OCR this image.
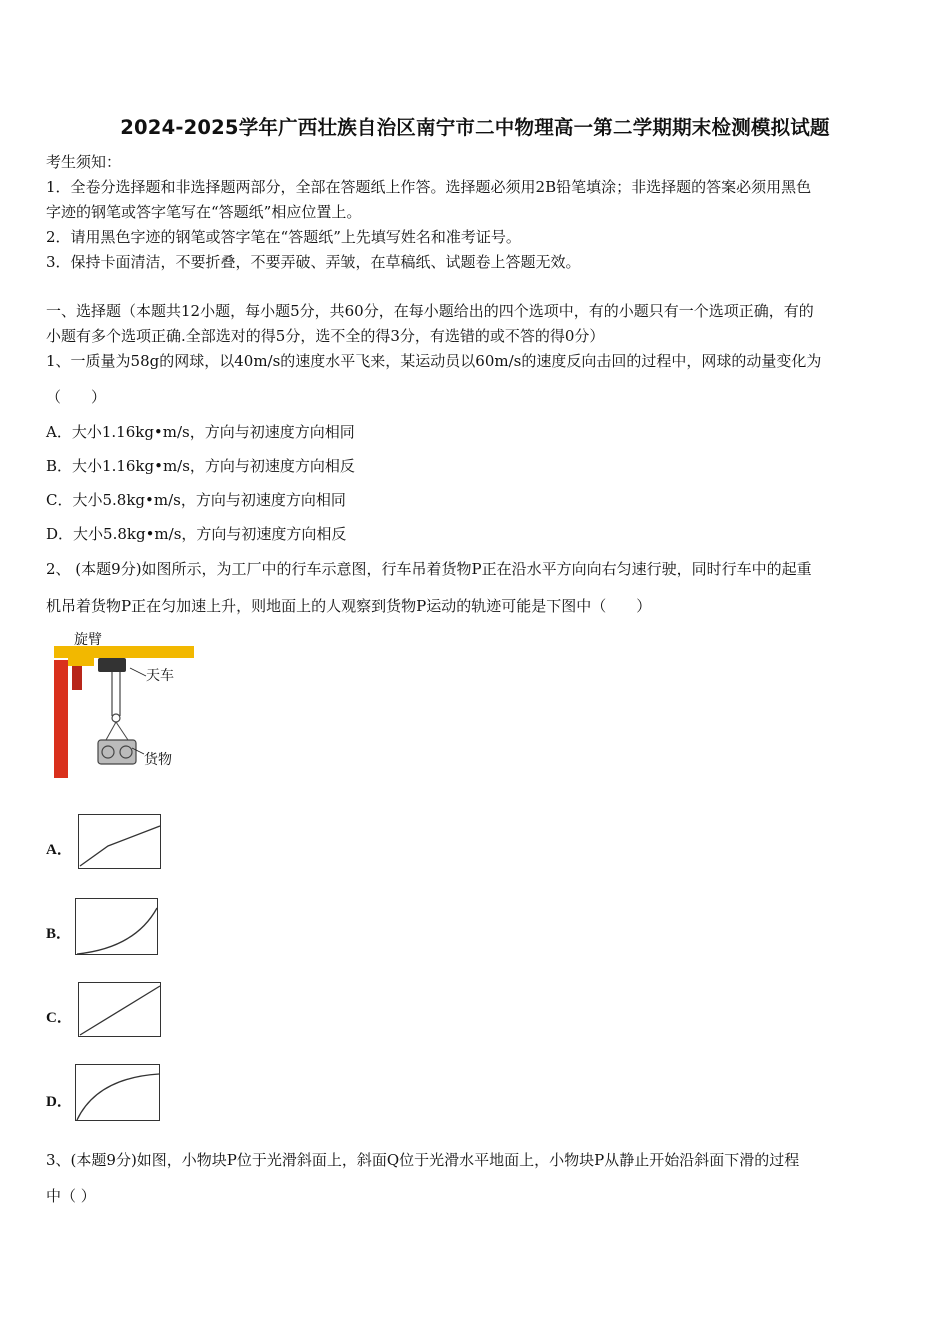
2024-2025学年广西壮族自治区南宁市二中物理高一第二学期期末检测模拟试题
考生须知：
1．全卷分选择题和非选择题两部分，全部在答题纸上作答。选择题必须用2B铅笔填涂；非选择题的答案必须用黑色
字迹的钢笔或答字笔写在“答题纸”相应位置上。
2．请用黑色字迹的钢笔或答字笔在“答题纸”上先填写姓名和准考证号。
3．保持卡面清洁，不要折叠，不要弄破、弄皱，在草稿纸、试题卷上答题无效。
一、选择题（本题共12小题，每小题5分，共60分，在每小题给出的四个选项中，有的小题只有一个选项正确，有的
小题有多个选项正确.全部选对的得5分，选不全的得3分，有选错的或不答的得0分）
1、一质量为58g的网球，以40m/s的速度水平飞来，某运动员以60m/s的速度反向击回的过程中，网球的动量变化为
（　　）
A．大小1.16kg•m/s，方向与初速度方向相同
B．大小1.16kg•m/s，方向与初速度方向相反
C．大小5.8kg•m/s，方向与初速度方向相同
D．大小5.8kg•m/s，方向与初速度方向相反
2、 (本题9分)如图所示，为工厂中的行车示意图，行车吊着货物P正在沿水平方向向右匀速行驶，同时行车中的起重
机吊着货物P正在匀加速上升，则地面上的人观察到货物P运动的轨迹可能是下图中（　　）
旋臂
天车
货物
A．
B．
C．
D．
3、(本题9分)如图，小物块P位于光滑斜面上，斜面Q位于光滑水平地面上，小物块P从静止开始沿斜面下滑的过程
中（ ）
